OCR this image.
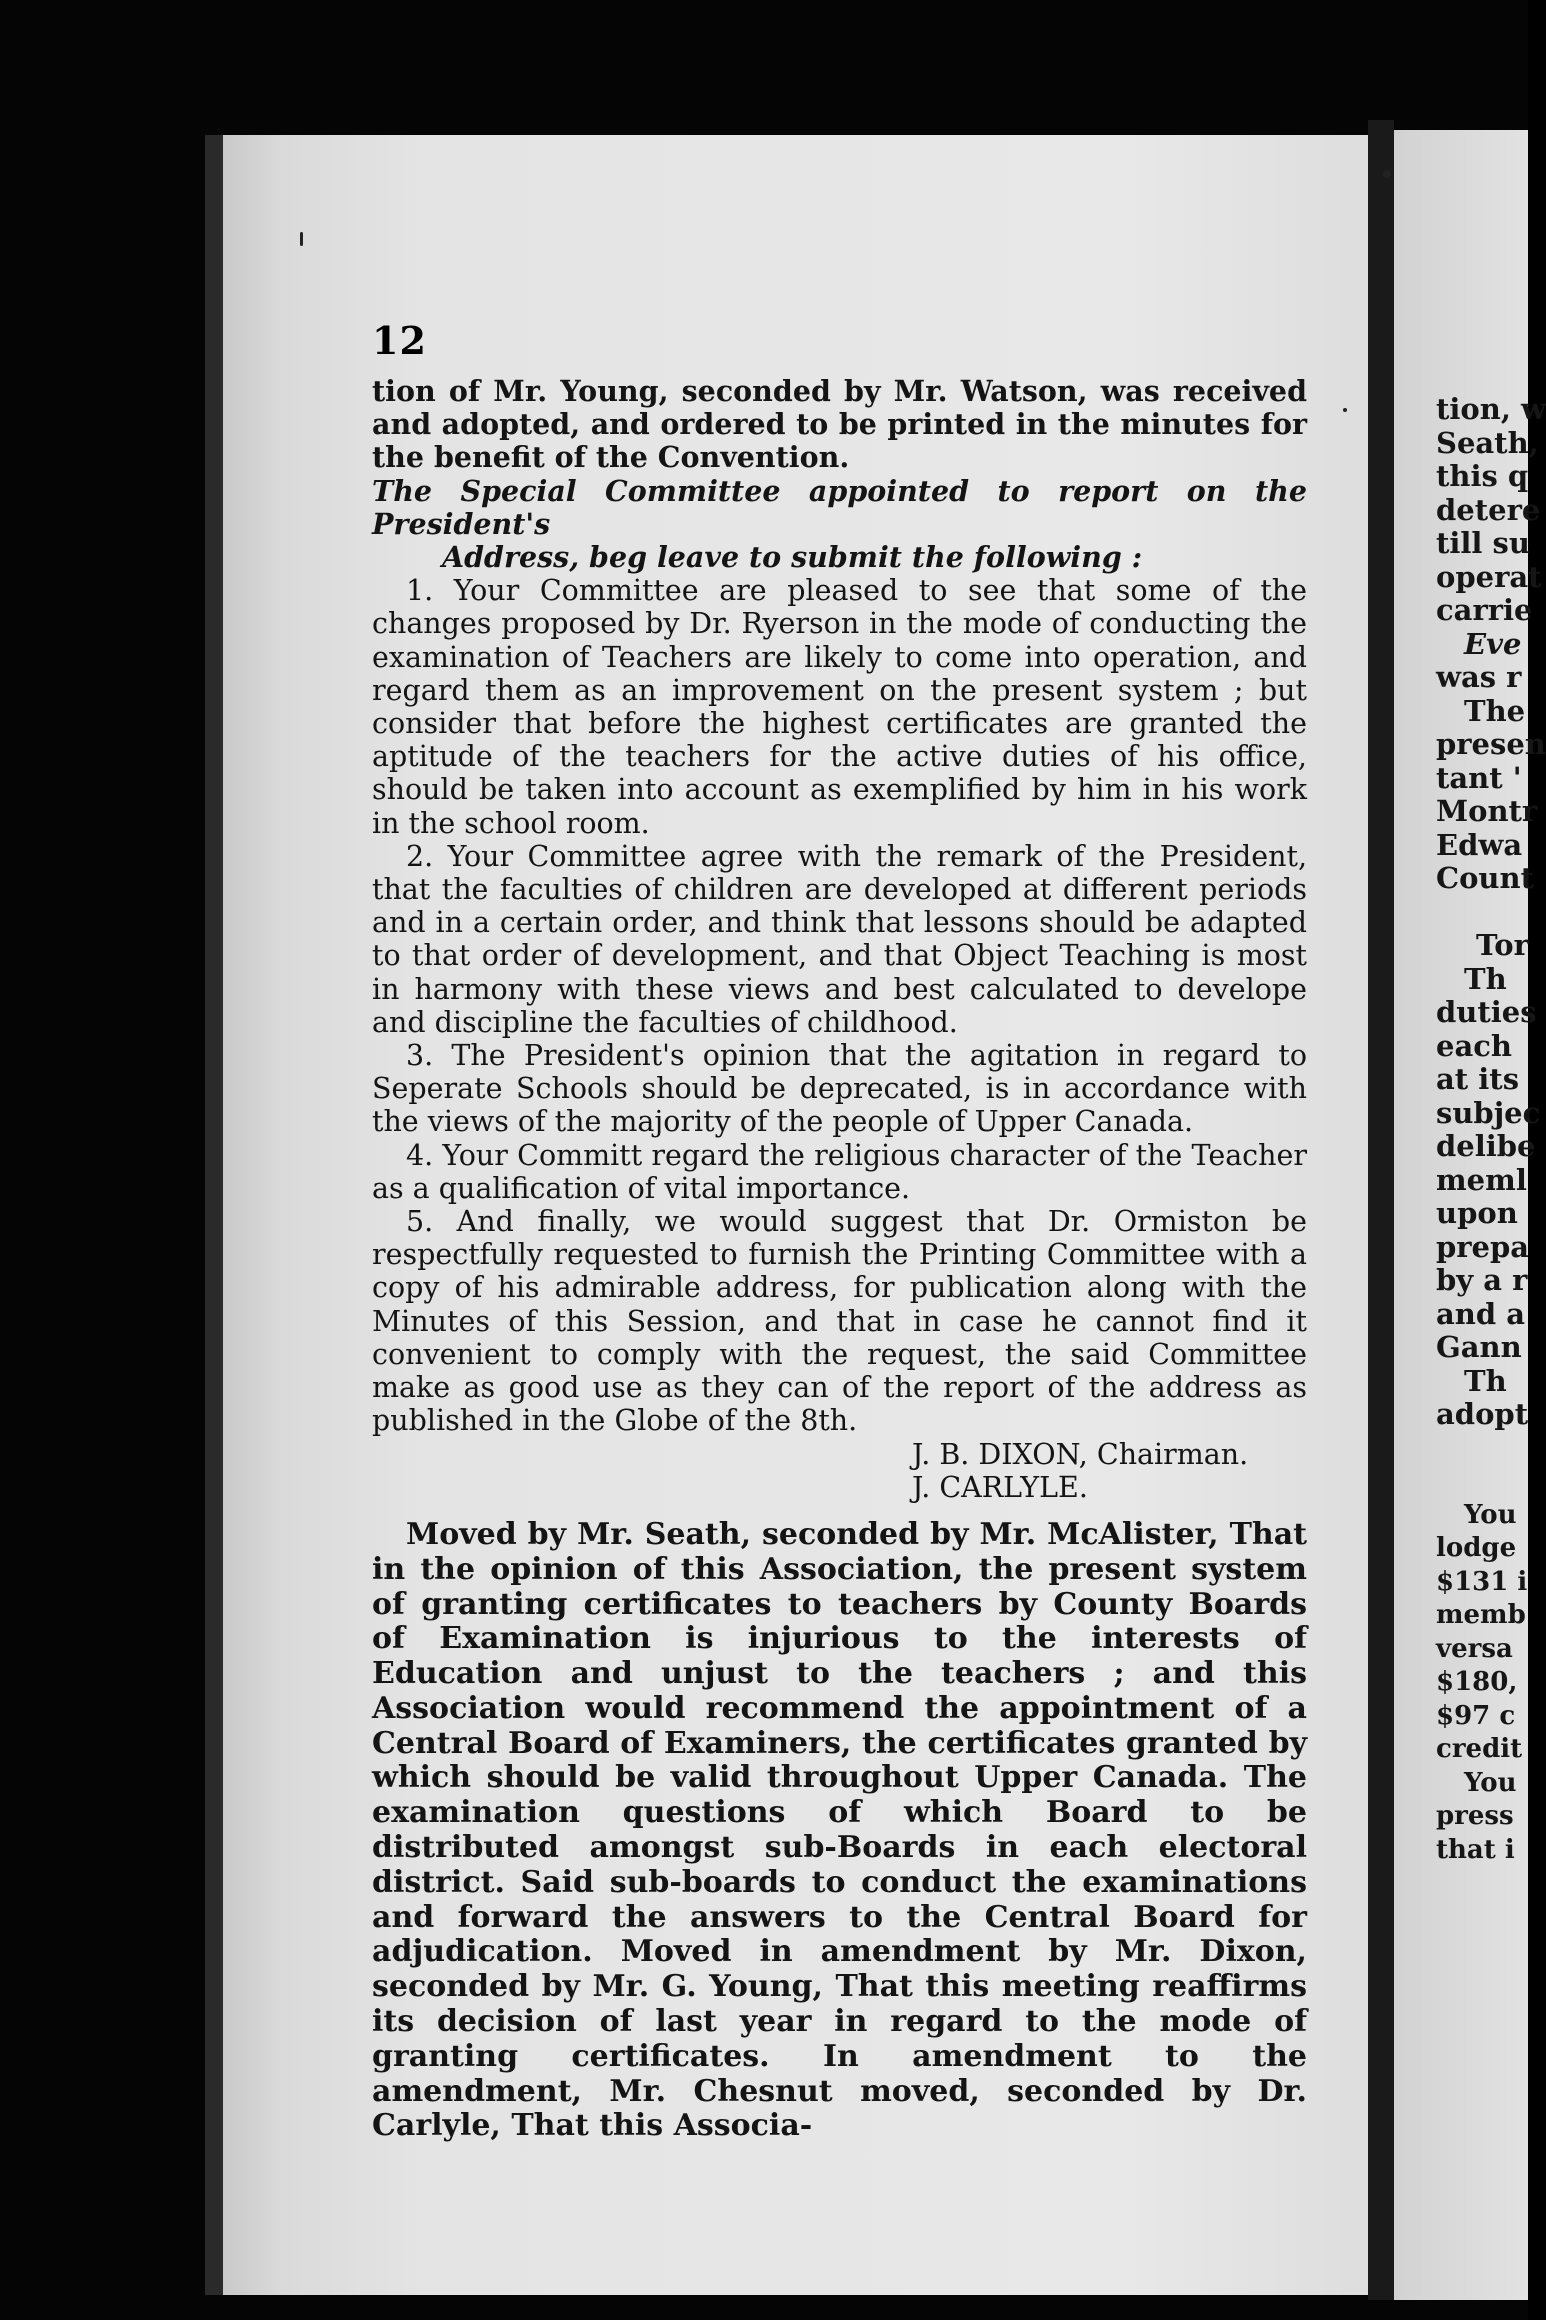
12

tion of Mr. Young, seconded by Mr. Watson, was received and adopted, and ordered to be printed in the minutes for the benefit of the Convention.

The Special Committee appointed to report on the President's
Address, beg leave to submit the following :

1. Your Committee are pleased to see that some of the changes proposed by Dr. Ryerson in the mode of conducting the examination of Teachers are likely to come into operation, and regard them as an improvement on the present system ; but consider that before the highest certificates are granted the aptitude of the teachers for the active duties of his office, should be taken into account as exemplified by him in his work in the school room.

2. Your Committee agree with the remark of the President, that the faculties of children are developed at different periods and in a certain order, and think that lessons should be adapted to that order of development, and that Object Teaching is most in harmony with these views and best calculated to develope and discipline the faculties of childhood.

3. The President's opinion that the agitation in regard to Seperate Schools should be deprecated, is in accordance with the views of the majority of the people of Upper Canada.

4. Your Committ regard the religious character of the Teacher as a qualification of vital importance.

5. And finally, we would suggest that Dr. Ormiston be respectfully requested to furnish the Printing Committee with a copy of his admirable address, for publication along with the Minutes of this Session, and that in case he cannot find it convenient to comply with the request, the said Committee make as good use as they can of the report of the address as published in the Globe of the 8th.

J. B. DIXON, Chairman.

J. CARLYLE.

Moved by Mr. Seath, seconded by Mr. McAlister, That in the opinion of this Association, the present system of granting certificates to teachers by County Boards of Examination is injurious to the interests of Education and unjust to the teachers ; and this Association would recommend the appointment of a Central Board of Examiners, the certificates granted by which should be valid throughout Upper Canada. The examination questions of which Board to be distributed amongst sub-Boards in each electoral district. Said sub-boards to conduct the examinations and forward the answers to the Central Board for adjudication. Moved in amendment by Mr. Dixon, seconded by Mr. G. Young, That this meeting reaffirms its decision of last year in regard to the mode of granting certificates. In amendment to the amendment, Mr. Chesnut moved, seconded by Dr. Carlyle, That this Associa-

tion, w
Seath,
this q
detere
till su
operat
carrie
Eve
was r
The
presen
tant '
Montr
Edwa
Count

Tor
Th
duties
each
at its
subjec
delibe
meml
upon
prepa
by a r
and a
Gann
Th
adopt

You
lodge
$131 i
memb
versa
$180,
$97 c
credit
You
press
that i
